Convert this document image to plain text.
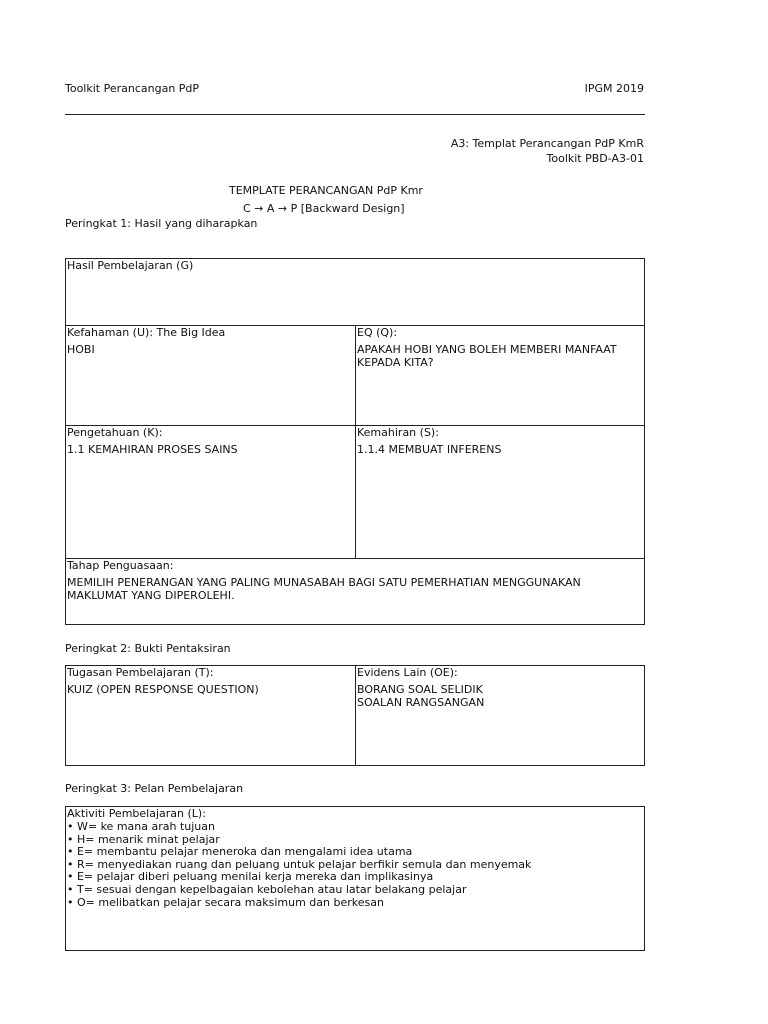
Toolkit Perancangan PdP	IPGM 2019
A3: Templat Perancangan PdP KmR
Toolkit PBD-A3-01
TEMPLATE PERANCANGAN PdP Kmr
C → A → P [Backward Design]
Peringkat 1: Hasil yang diharapkan
Hasil Pembelajaran (G)
Kefahaman (U): The Big Idea
HOBI
EQ (Q):
APAKAH HOBI YANG BOLEH MEMBERI MANFAAT KEPADA KITA?
Pengetahuan (K):
1.1 KEMAHIRAN PROSES SAINS
Kemahiran (S):
1.1.4 MEMBUAT INFERENS
Tahap Penguasaan:
MEMILIH PENERANGAN YANG PALING MUNASABAH BAGI SATU PEMERHATIAN MENGGUNAKAN MAKLUMAT YANG DIPEROLEHI.
Peringkat 2: Bukti Pentaksiran
Tugasan Pembelajaran (T):
KUIZ (OPEN RESPONSE QUESTION)
Evidens Lain (OE):
BORANG SOAL SELIDIK
SOALAN RANGSANGAN
Peringkat 3: Pelan Pembelajaran
Aktiviti Pembelajaran (L):
• W= ke mana arah tujuan
• H= menarik minat pelajar
• E= membantu pelajar meneroka dan mengalami idea utama
• R= menyediakan ruang dan peluang untuk pelajar berfikir semula dan menyemak
• E= pelajar diberi peluang menilai kerja mereka dan implikasinya
• T= sesuai dengan kepelbagaian kebolehan atau latar belakang pelajar
• O= melibatkan pelajar secara maksimum dan berkesan
